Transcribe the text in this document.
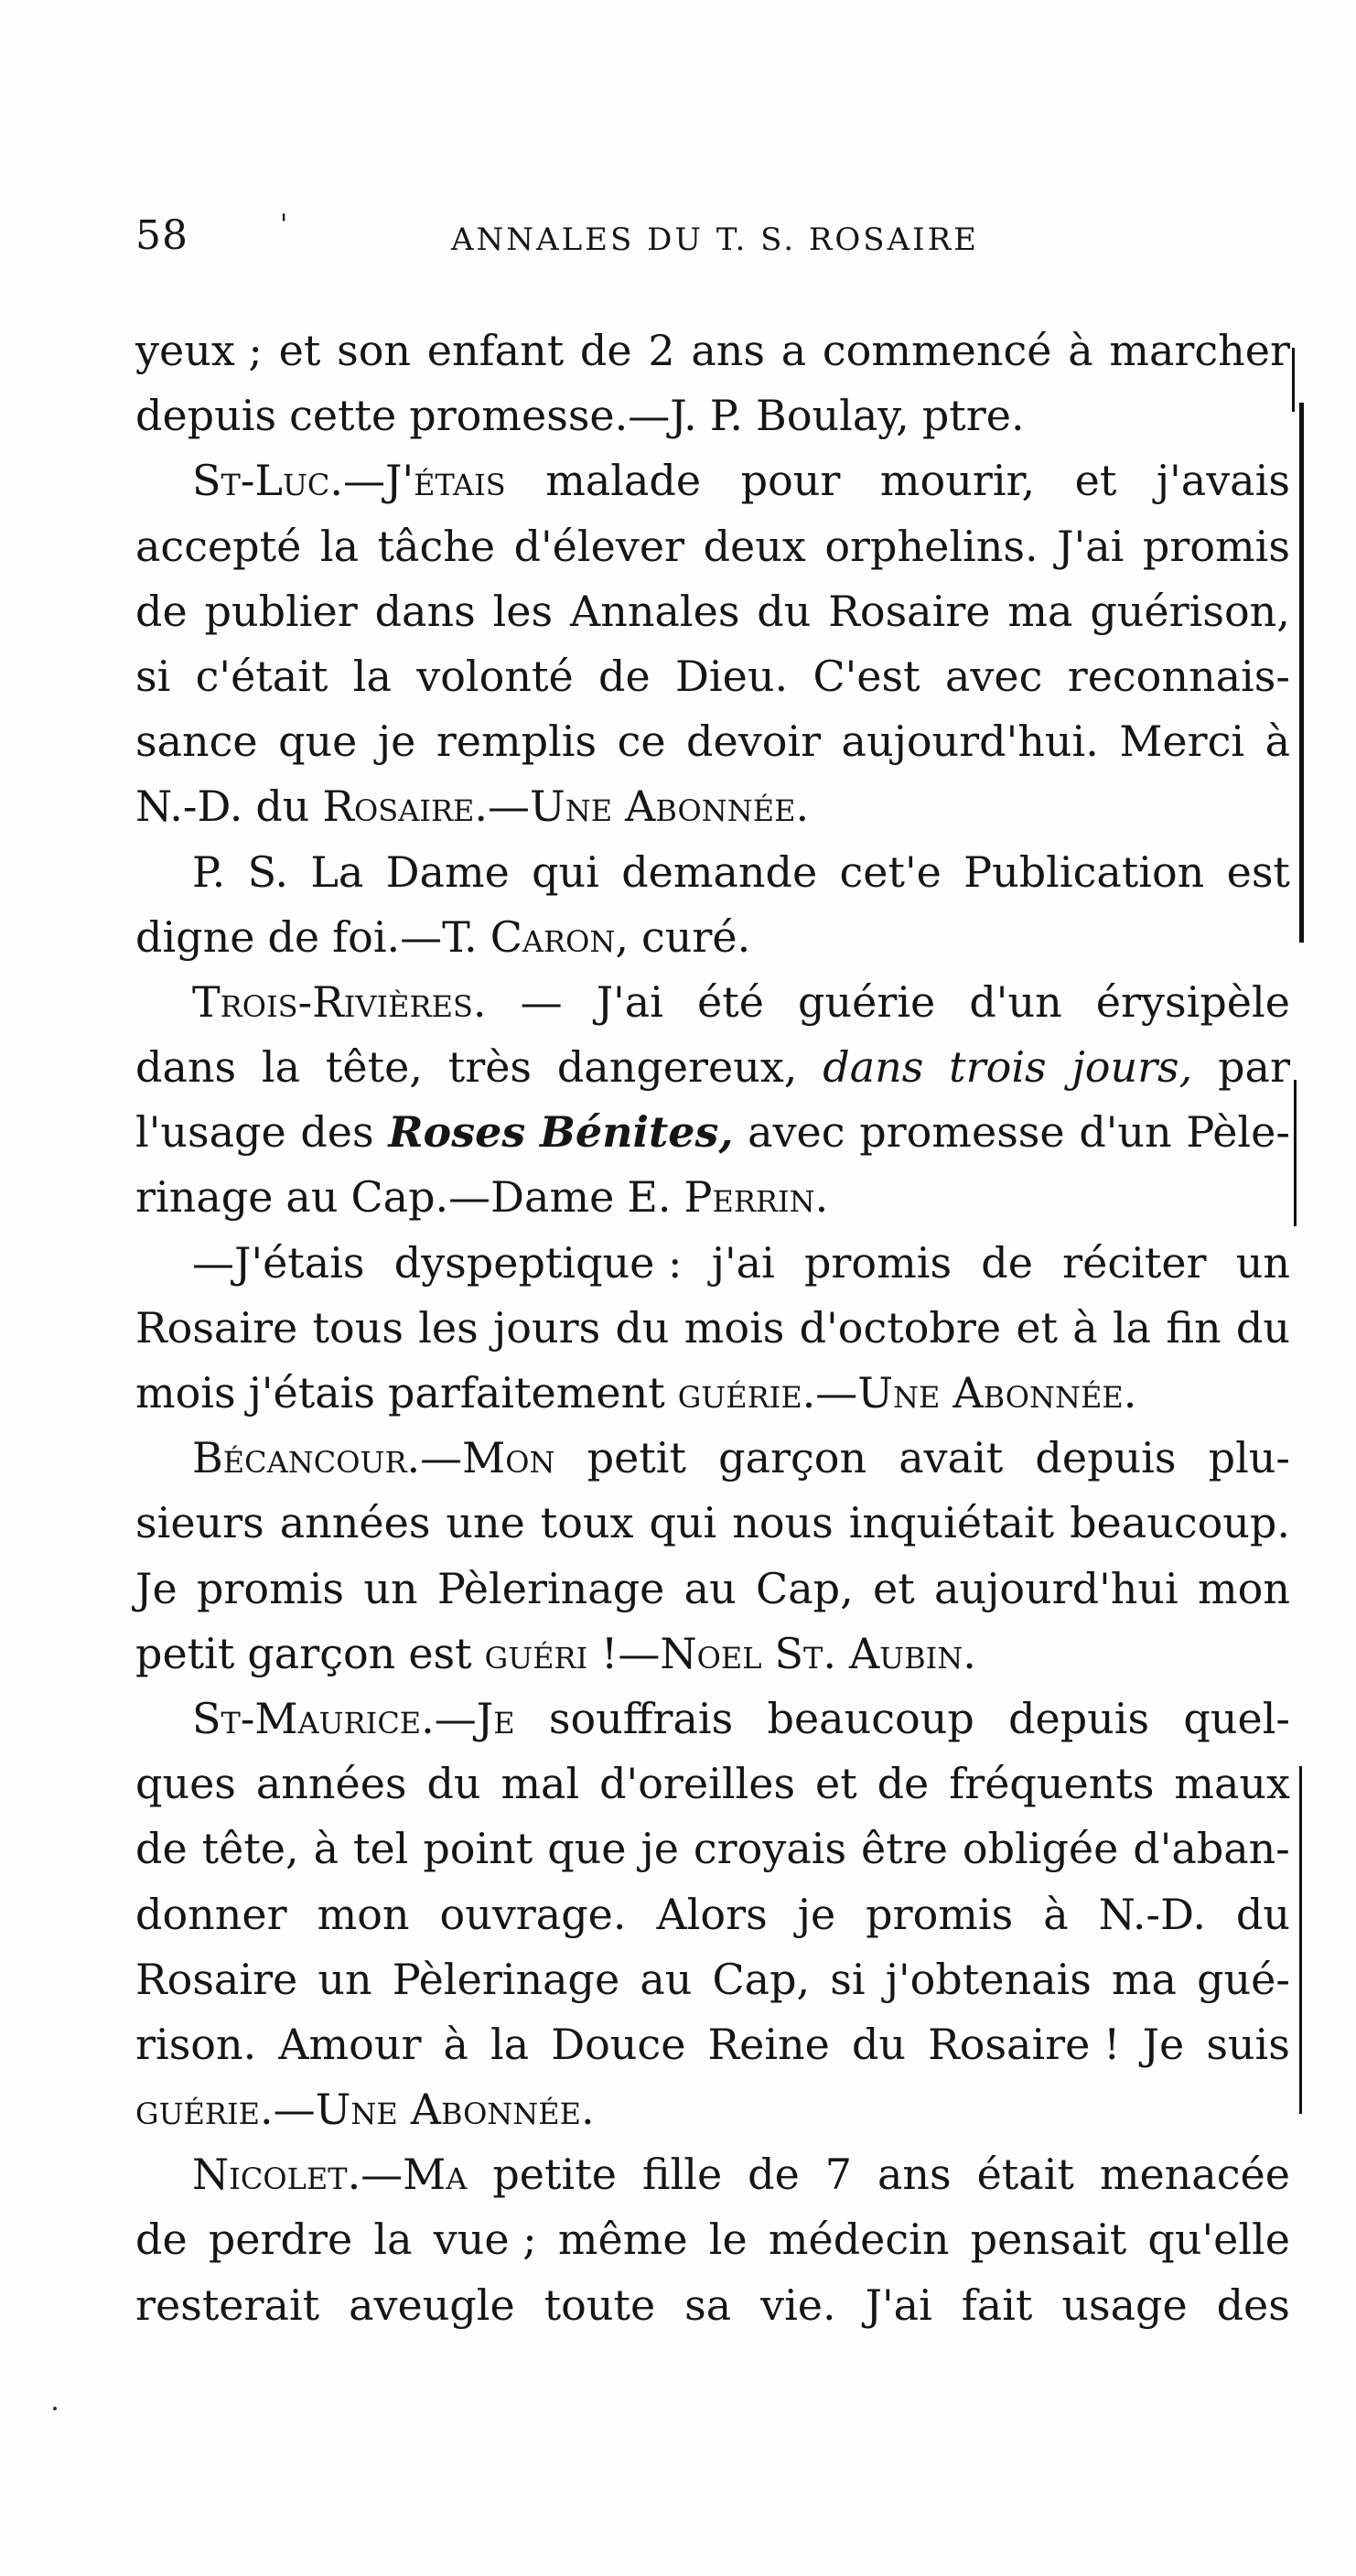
58	'	ANNALES DU T. S. ROSAIRE
yeux ; et son enfant de 2 ans a commencé à marcher
depuis cette promesse.—J. P. Boulay, ptre.
St-Luc.—J'étais malade pour mourir, et j'avais
accepté la tâche d'élever deux orphelins. J'ai promis
de publier dans les Annales du Rosaire ma guérison,
si c'était la volonté de Dieu. C'est avec reconnais-
sance que je remplis ce devoir aujourd'hui. Merci à
N.-D. du Rosaire.—Une Abonnée.
P. S. La Dame qui demande cet'e Publication est
digne de foi.—T. Caron, curé.
Trois-Rivières. — J'ai été guérie d'un érysipèle
dans la tête, très dangereux, dans trois jours, par
l'usage des Roses Bénites, avec promesse d'un Pèle-
rinage au Cap.—Dame E. Perrin.
—J'étais dyspeptique : j'ai promis de réciter un
Rosaire tous les jours du mois d'octobre et à la fin du
mois j'étais parfaitement guérie.—Une Abonnée.
Bécancour.—Mon petit garçon avait depuis plu-
sieurs années une toux qui nous inquiétait beaucoup.
Je promis un Pèlerinage au Cap, et aujourd'hui mon
petit garçon est guéri !—Noel St. Aubin.
St-Maurice.—Je souffrais beaucoup depuis quel-
ques années du mal d'oreilles et de fréquents maux
de tête, à tel point que je croyais être obligée d'aban-
donner mon ouvrage. Alors je promis à N.-D. du
Rosaire un Pèlerinage au Cap, si j'obtenais ma gué-
rison. Amour à la Douce Reine du Rosaire ! Je suis
guérie.—Une Abonnée.
Nicolet.—Ma petite fille de 7 ans était menacée
de perdre la vue ; même le médecin pensait qu'elle
resterait aveugle toute sa vie. J'ai fait usage des
